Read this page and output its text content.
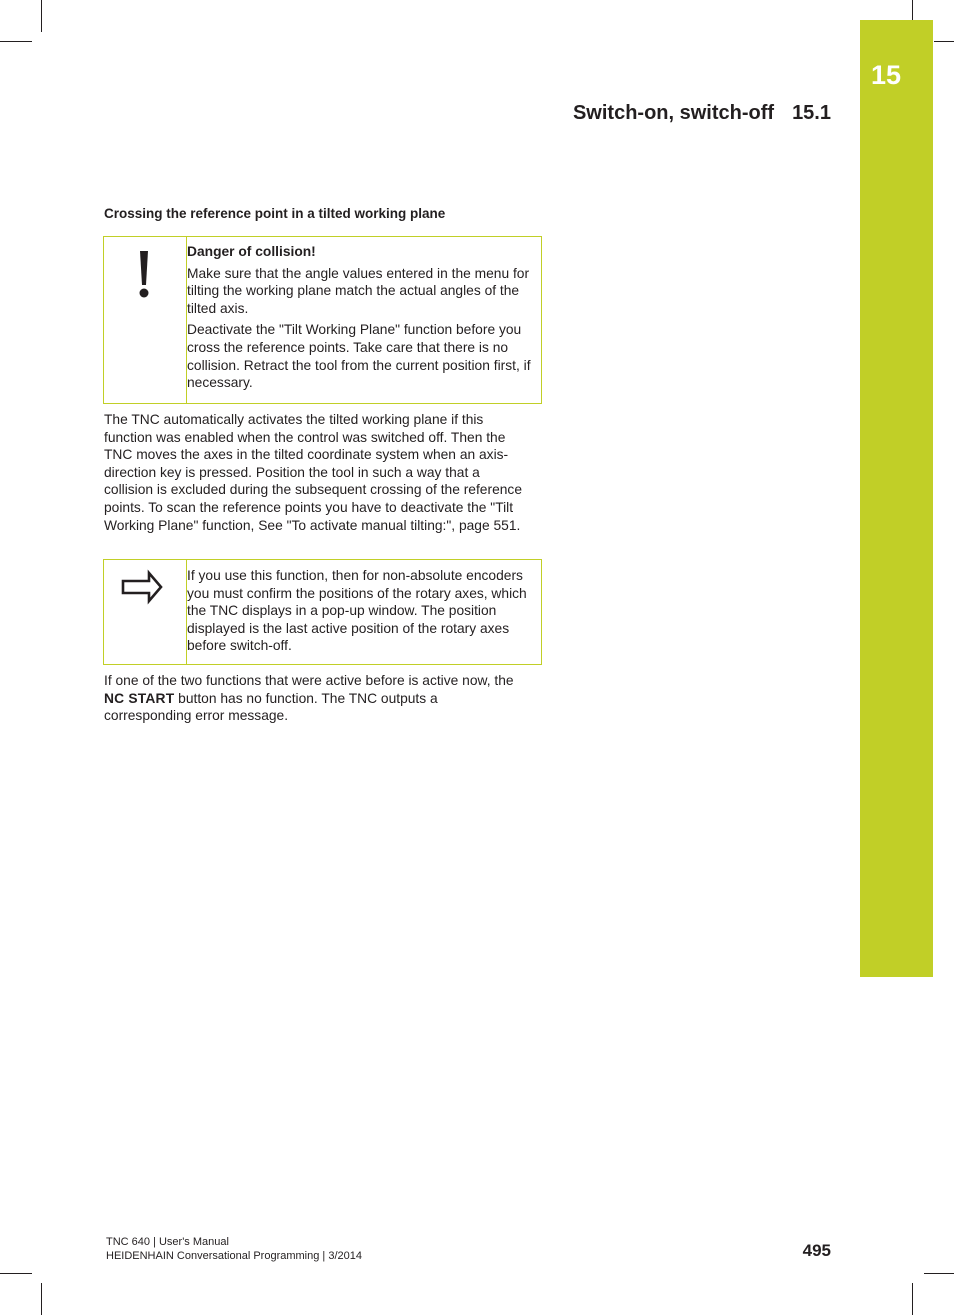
15
Switch-on, switch-off 15.1
Crossing the reference point in a tilted working plane

Danger of collision!

Make sure that the angle values entered in the menu for tilting the working plane match the actual angles of the tilted axis.

Deactivate the "Tilt Working Plane" function before you cross the reference points. Take care that there is no collision. Retract the tool from the current position first, if necessary.

The TNC automatically activates the tilted working plane if this function was enabled when the control was switched off. Then the TNC moves the axes in the tilted coordinate system when an axis-direction key is pressed. Position the tool in such a way that a collision is excluded during the subsequent crossing of the reference points. To scan the reference points you have to deactivate the "Tilt Working Plane" function, See "To activate manual tilting:", page 551.

If you use this function, then for non-absolute encoders you must confirm the positions of the rotary axes, which the TNC displays in a pop-up window. The position displayed is the last active position of the rotary axes before switch-off.

If one of the two functions that were active before is active now, the NC START button has no function. The TNC outputs a corresponding error message.

TNC 640 | User's Manual
HEIDENHAIN Conversational Programming | 3/2014	495
